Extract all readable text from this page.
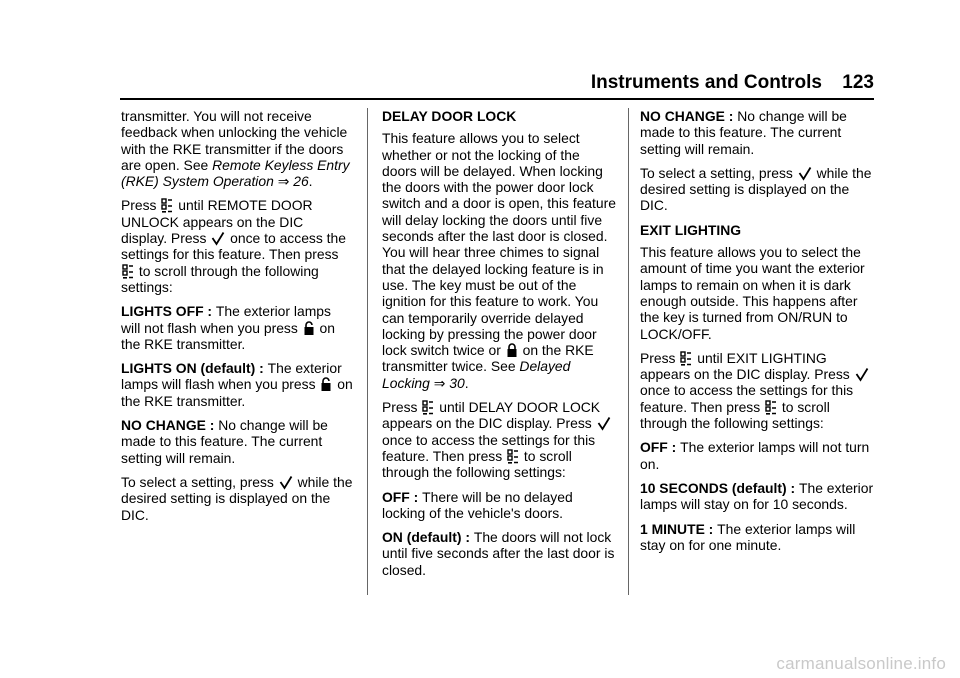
Instruments and Controls 123

transmitter. You will not receive feedback when unlocking the vehicle with the RKE transmitter if the doors are open. See Remote Keyless Entry (RKE) System Operation ⇒ 26.

Press
until REMOTE DOOR UNLOCK appears on the DIC display. Press
once to access the settings for this feature. Then press
to scroll through the following settings:

LIGHTS OFF : The exterior lamps will not flash when you press
on the RKE transmitter.

LIGHTS ON (default) : The exterior lamps will flash when you press
on the RKE transmitter.

NO CHANGE : No change will be made to this feature. The current setting will remain.

To select a setting, press
while the desired setting is displayed on the DIC.

DELAY DOOR LOCK

This feature allows you to select whether or not the locking of the doors will be delayed. When locking the doors with the power door lock switch and a door is open, this feature will delay locking the doors until five seconds after the last door is closed. You will hear three chimes to signal that the delayed locking feature is in use. The key must be out of the ignition for this feature to work. You can temporarily override delayed locking by pressing the power door lock switch twice or
on the RKE transmitter twice. See Delayed Locking ⇒ 30.

Press
until DELAY DOOR LOCK appears on the DIC display. Press
once to access the settings for this feature. Then press
to scroll through the following settings:

OFF : There will be no delayed locking of the vehicle's doors.

ON (default) : The doors will not lock until five seconds after the last door is closed.

NO CHANGE : No change will be made to this feature. The current setting will remain.

To select a setting, press
while the desired setting is displayed on the DIC.

EXIT LIGHTING

This feature allows you to select the amount of time you want the exterior lamps to remain on when it is dark enough outside. This happens after the key is turned from ON/RUN to LOCK/OFF.

Press
until EXIT LIGHTING appears on the DIC display. Press
once to access the settings for this feature. Then press
to scroll through the following settings:

OFF : The exterior lamps will not turn on.

10 SECONDS (default) : The exterior lamps will stay on for 10 seconds.

1 MINUTE : The exterior lamps will stay on for one minute.

carmanualsonline.info
